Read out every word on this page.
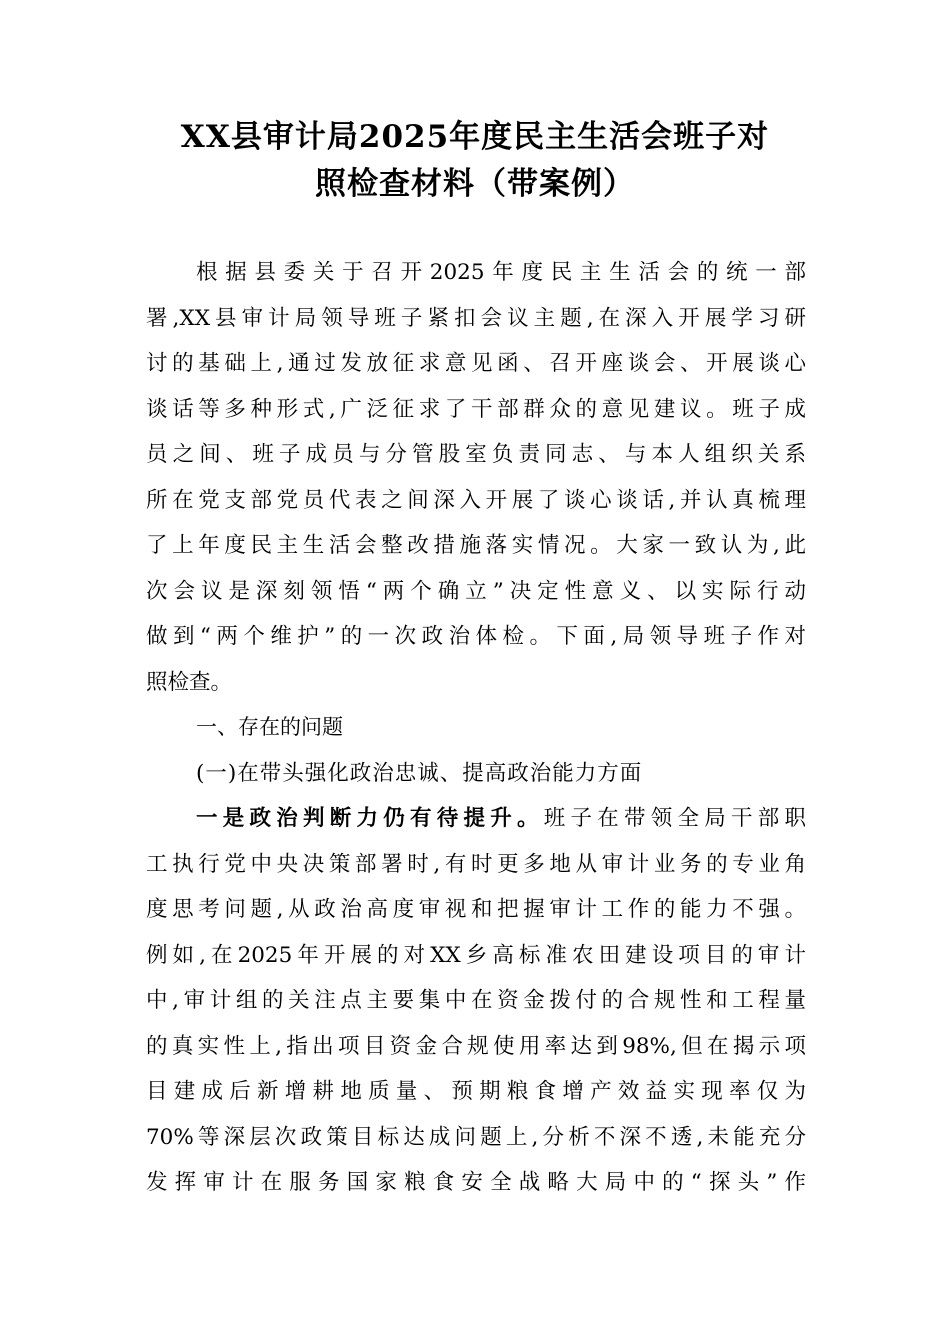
XX县审计局2025年度民主生活会班子对
照检查材料（带案例）
根据县委关于召开2025年度民主生活会的统一部
署,XX县审计局领导班子紧扣会议主题,在深入开展学习研
讨的基础上,通过发放征求意见函、召开座谈会、开展谈心
谈话等多种形式,广泛征求了干部群众的意见建议。班子成
员之间、班子成员与分管股室负责同志、与本人组织关系
所在党支部党员代表之间深入开展了谈心谈话,并认真梳理
了上年度民主生活会整改措施落实情况。大家一致认为,此
次会议是深刻领悟“两个确立”决定性意义、以实际行动
做到“两个维护”的一次政治体检。下面,局领导班子作对
照检查。
一、存在的问题
(一)在带头强化政治忠诚、提高政治能力方面
一是政治判断力仍有待提升。班子在带领全局干部职
工执行党中央决策部署时,有时更多地从审计业务的专业角
度思考问题,从政治高度审视和把握审计工作的能力不强。
例如,在2025年开展的对XX乡高标准农田建设项目的审计
中,审计组的关注点主要集中在资金拨付的合规性和工程量
的真实性上,指出项目资金合规使用率达到98%,但在揭示项
目建成后新增耕地质量、预期粮食增产效益实现率仅为
70%等深层次政策目标达成问题上,分析不深不透,未能充分
发挥审计在服务国家粮食安全战略大局中的“探头”作
